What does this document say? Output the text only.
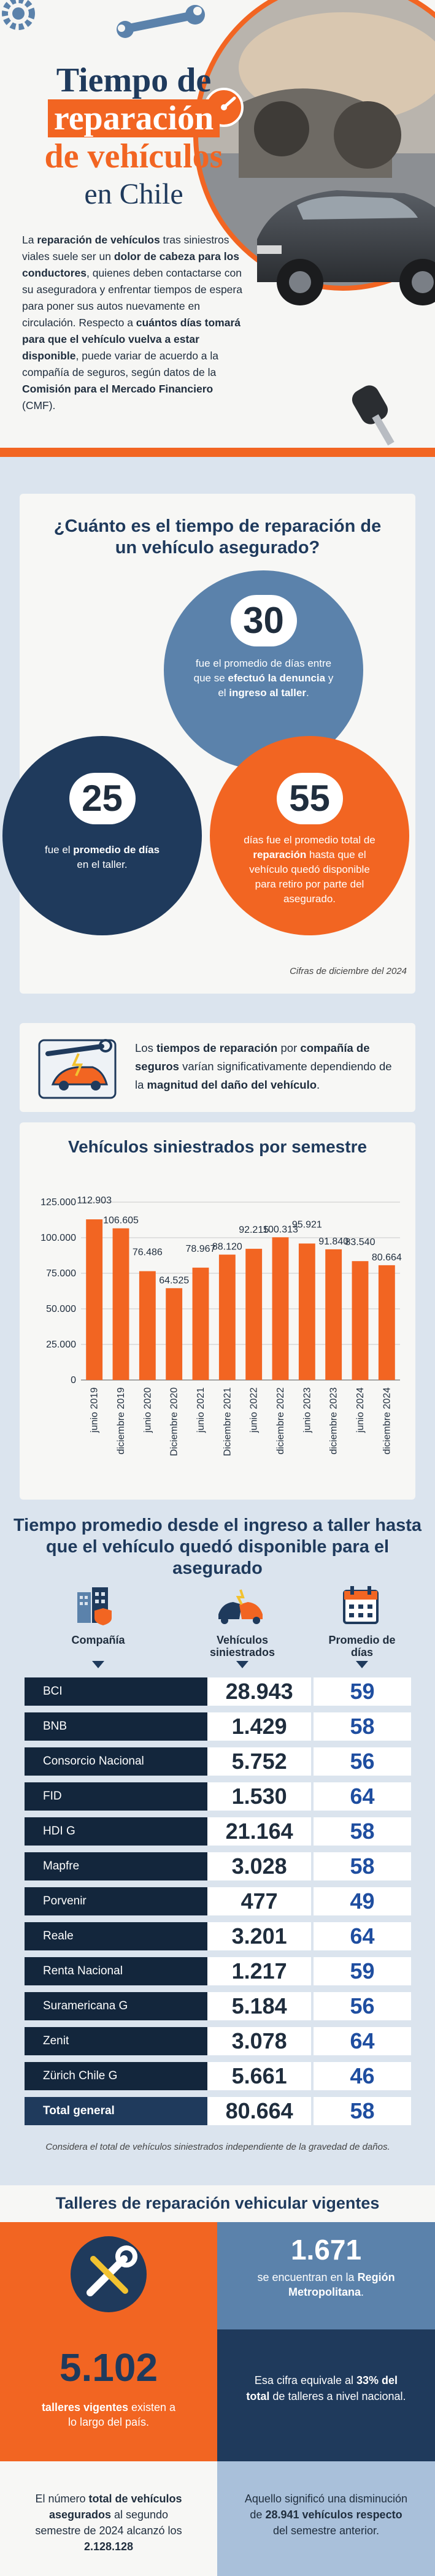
Tiempo de
reparación
de vehículos
en Chile

La reparación de vehículos tras siniestros viales suele ser un dolor de cabeza para los conductores, quienes deben contactarse con su aseguradora y enfrentar tiempos de espera para poner sus autos nuevamente en circulación. Respecto a cuántos días tomará para que el vehículo vuelva a estar disponible, puede variar de acuerdo a la compañía de seguros, según datos de la Comisión para el Mercado Financiero (CMF).

¿Cuánto es el tiempo de reparación de un vehículo asegurado?
30

fue el promedio de días entre que se efectuó la denuncia y el ingreso al taller.

25

fue el promedio de días en el taller.

55

días fue el promedio total de reparación hasta que el vehículo quedó disponible para retiro por parte del asegurado.

Cifras de diciembre del 2024

Los tiempos de reparación por compañía de seguros varían significativamente dependiendo de la magnitud del daño del vehículo.

Vehículos siniestrados por semestre
0
25.000
50.000
75.000
100.000
125.000 112.903
junio 2019
106.605
diciembre 2019
76.486
junio 2020
64.525
Diciembre 2020
78.967
junio 2021
88.120
Diciembre 2021
92.215
junio 2022
100.313
diciembre 2022
95.921
junio 2023
91.840
diciembre 2023
83.540
junio 2024
80.664
diciembre 2024
Tiempo promedio desde el ingreso a taller hasta que el vehículo quedó disponible para el asegurado
Compañía	Vehículos siniestrados
Promedio de días
BCI	28.943	59
BNB	1.429	58
Consorcio Nacional	5.752	56
FID	1.530	64
HDI G	21.164	58
Mapfre	3.028	58
Porvenir	477	49
Reale	3.201	64
Renta Nacional	1.217	59
Suramericana G	5.184	56
Zenit	3.078	64
Zürich Chile G	5.661	46
Total general	80.664	58

Considera el total de vehículos siniestrados independiente de la gravedad de daños.

Talleres de reparación vehicular vigentes
5.102

talleres vigentes existen a lo largo del país.

1.671

se encuentran en la Región Metropolitana.

Esa cifra equivale al 33% del total de talleres a nivel nacional.

El número total de vehículos asegurados al segundo semestre de 2024 alcanzó los 2.128.128

Aquello significó una disminución de 28.941 vehículos respecto del semestre anterior.
